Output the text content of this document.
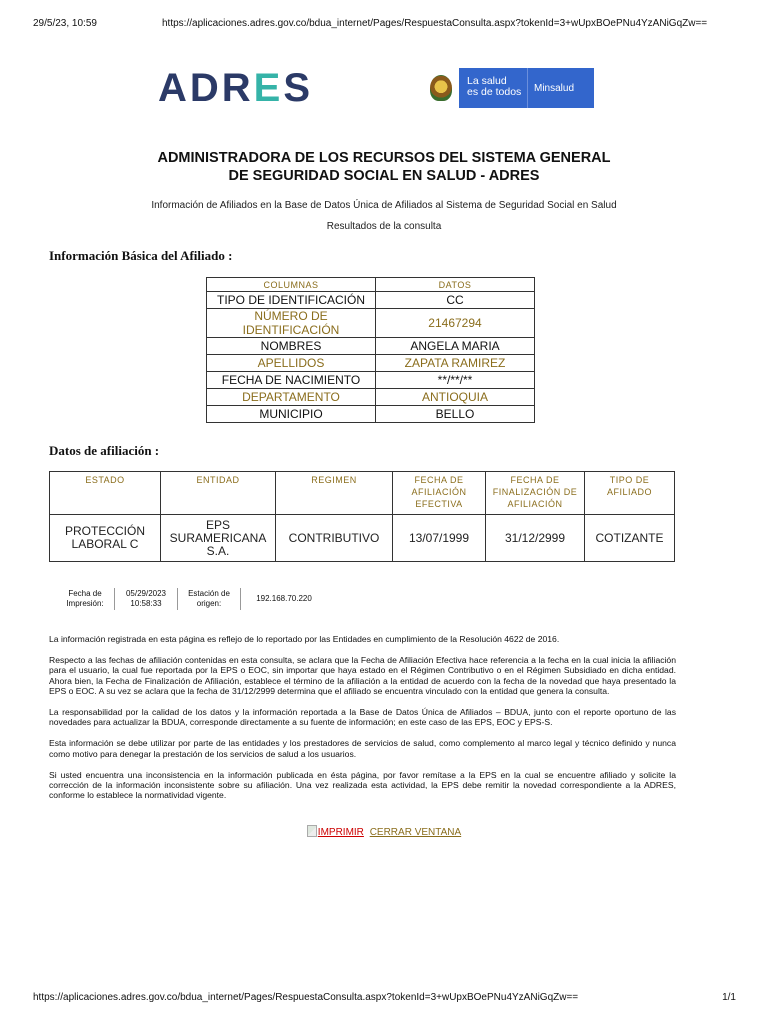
29/5/23, 10:59	https://aplicaciones.adres.gov.co/bdua_internet/Pages/RespuestaConsulta.aspx?tokenId=3+wUpxBOePNu4YzANiGqZw==
ADR E S	La salud
es de todos	Minsalud
ADMINISTRADORA DE LOS RECURSOS DEL SISTEMA GENERAL
DE SEGURIDAD SOCIAL EN SALUD - ADRES
Información de Afiliados en la Base de Datos Única de Afiliados al Sistema de Seguridad Social en Salud
Resultados de la consulta
Información Básica del Afiliado :
COLUMNAS	DATOS
TIPO DE IDENTIFICACIÓN	CC
NÚMERO DE IDENTIFICACIÓN	21467294
NOMBRES	ANGELA MARIA
APELLIDOS	ZAPATA RAMIREZ
FECHA DE NACIMIENTO	**/**/**
DEPARTAMENTO	ANTIOQUIA
MUNICIPIO	BELLO
Datos de afiliación :
ESTADO	ENTIDAD	REGIMEN	FECHA DE AFILIACIÓN EFECTIVA	FECHA DE FINALIZACIÓN DE AFILIACIÓN	TIPO DE AFILIADO
PROTECCIÓN LABORAL C	EPS SURAMERICANA S.A.	CONTRIBUTIVO	13/07/1999	31/12/2999	COTIZANTE
Fecha de Impresión:
05/29/2023 10:58:33
Estación de origen:
192.168.70.220

La información registrada en esta página es reflejo de lo reportado por las Entidades en cumplimiento de la Resolución 4622 de 2016.

Respecto a las fechas de afiliación contenidas en esta consulta, se aclara que la Fecha de Afiliación Efectiva hace referencia a la fecha en la cual inicia la afiliación para el usuario, la cual fue reportada por la EPS o EOC, sin importar que haya estado en el Régimen Contributivo o en el Régimen Subsidiado en dicha entidad. Ahora bien, la Fecha de Finalización de Afiliación, establece el término de la afiliación a la entidad de acuerdo con la fecha de la novedad que haya presentado la EPS o EOC. A su vez se aclara que la fecha de 31/12/2999 determina que el afiliado se encuentra vinculado con la entidad que genera la consulta.

La responsabilidad por la calidad de los datos y la información reportada a la Base de Datos Única de Afiliados – BDUA, junto con el reporte oportuno de las novedades para actualizar la BDUA, corresponde directamente a su fuente de información; en este caso de las EPS, EOC y EPS-S.

Esta información se debe utilizar por parte de las entidades y los prestadores de servicios de salud, como complemento al marco legal y técnico definido y nunca como motivo para denegar la prestación de los servicios de salud a los usuarios.

Si usted encuentra una inconsistencia en la información publicada en ésta página, por favor remítase a la EPS en la cual se encuentre afiliado y solicite la corrección de la información inconsistente sobre su afiliación. Una vez realizada esta actividad, la EPS debe remitir la novedad correspondiente a la ADRES, conforme lo establece la normatividad vigente.

IMPRIMIR CERRAR VENTANA
https://aplicaciones.adres.gov.co/bdua_internet/Pages/RespuestaConsulta.aspx?tokenId=3+wUpxBOePNu4YzANiGqZw==	1/1
